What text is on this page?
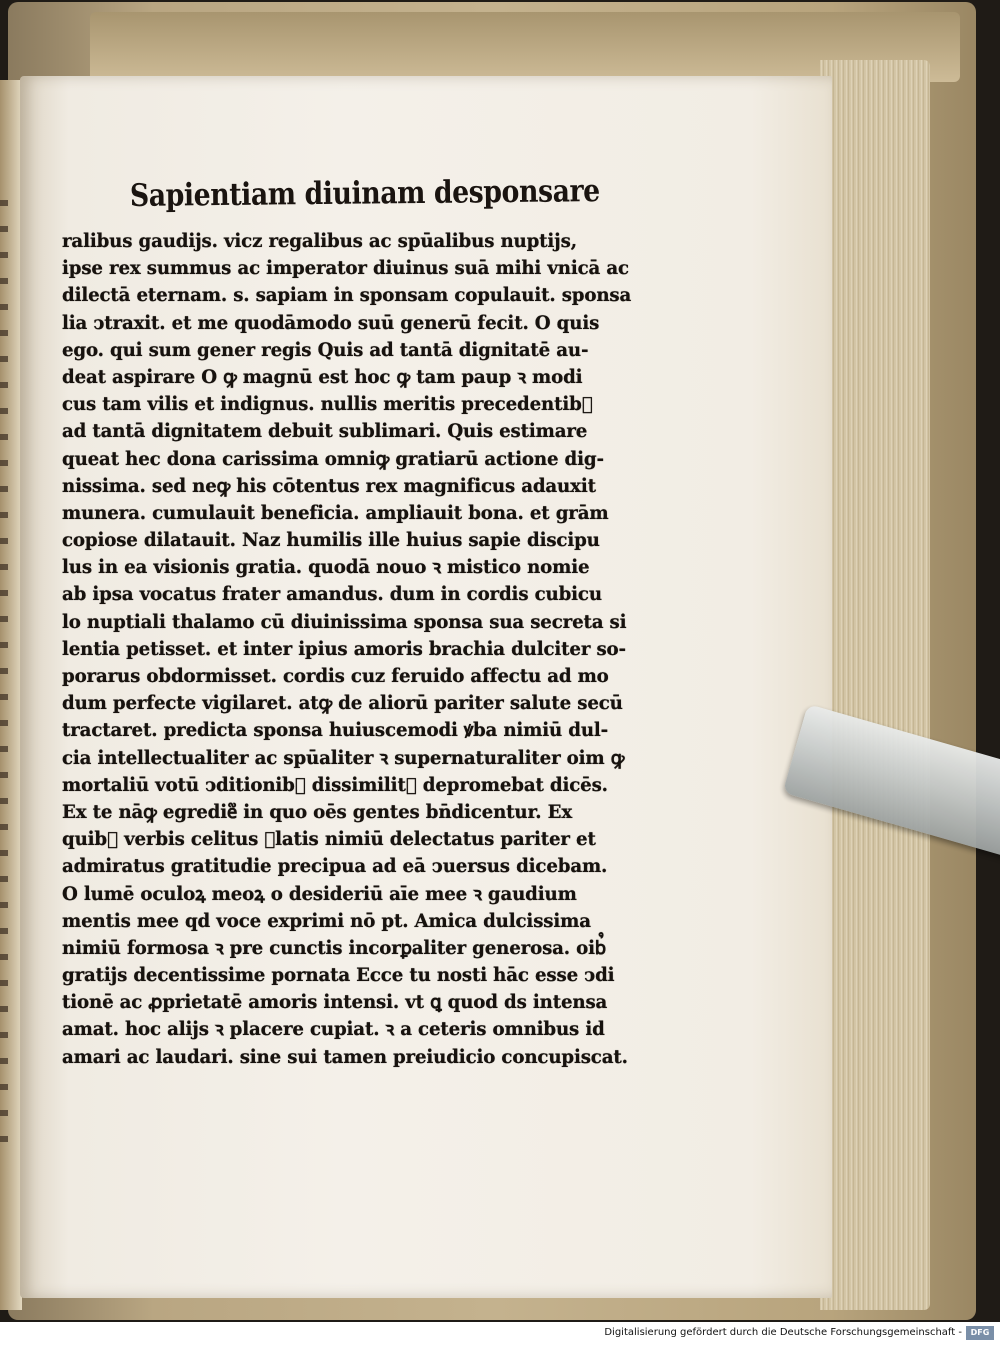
Sapientiam diuinam desponsare
ralibus gaudijs. vicz regalibus ac spūalibus nuptijs,
ipse rex summus ac imperator diuinus suā mihi vnicā ac
dilectā eternam. s. sapiam in sponsam copulauit. sponsa
lia ↄtraxit. et me quodāmodo suū generū fecit. O quis
ego. qui sum gener regis Quis ad tantā dignitatē au-
deat aspirare O ꝙ magnū est hoc ꝙ tam paup ꝛ modi
cus tam vilis et indignus. nullis meritis precedentib᷒
ad tantā dignitatem debuit sublimari. Quis estimare
queat hec dona carissima omniꝙ gratiarū actione dig-
nissima. sed neꝙ his cōtentus rex magnificus adauxit
munera. cumulauit beneficia. ampliauit bona. et grām
copiose dilatauit. Naz humilis ille huius sapie discipu
lus in ea visionis gratia. quodā nouo ꝛ mistico nomie
ab ipsa vocatus frater amandus. dum in cordis cubicu
lo nuptiali thalamo cū diuinissima sponsa sua secreta si
lentia petisset. et inter ipius amoris brachia dulciter so-
porarus obdormisset. cordis cuz feruido affectu ad mo
dum perfecte vigilaret. atꝙ de aliorū pariter salute secū
tractaret. predicta sponsa huiuscemodi ꝟba nimiū dul-
cia intellectualiter ac spūaliter ꝛ supernaturaliter oim ꝙ
mortaliū votū ↄditionib᷒ dissimilit᷑ depromebat dicēs.
Ex te nāꝙ egredie᷑ in quo oēs gentes bn̄dicentur. Ex
quib᷒ verbis celitus ꝓlatis nimiū delectatus pariter et
admiratus gratitudie precipua ad eā ↄuersus dicebam.
O lumē oculoꝝ meoꝝ o desideriū aīe mee ꝛ gaudium
mentis mee qd voce exprimi nō pt. Amica dulcissima
nimiū formosa ꝛ pre cunctis incorꝑaliter generosa. oib᷒
gratijs decentissime pornata Ecce tu nosti hāc esse ↄdi
tionē ac ꝓprietatē amoris intensi. vt ꝗ quod ds intensa
amat. hoc alijs ꝛ placere cupiat. ꝛ a ceteris omnibus id
amari ac laudari. sine sui tamen preiudicio concupiscat.
Digitalisierung gefördert durch die Deutsche Forschungsgemeinschaft -	DFG
